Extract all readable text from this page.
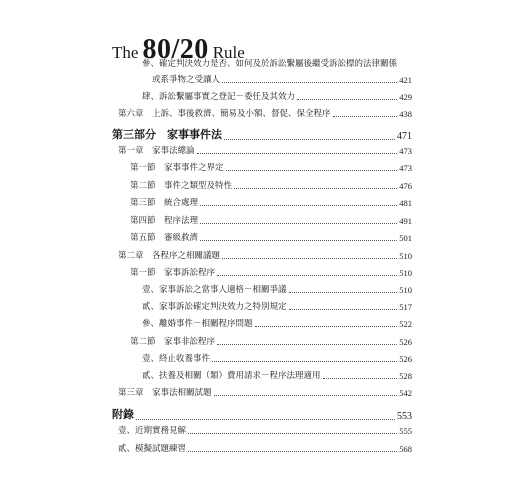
The 80/20 Rule
參、確定判決效力是否、如何及於訴訟繫屬後繼受訴訟標的法律關係
或系爭物之受讓人	421
肆、訴訟繫屬事實之登記－委任及其效力	429
第六章　上訴、事後救濟、簡易及小額、督促、保全程序	438
第三部分　家事事件法	471
第一章　家事法總論	473
第一節　家事事件之界定	473
第二節　事件之類型及特性	476
第三節　統合處理	481
第四節　程序法理	491
第五節　審級救濟	501
第二章　各程序之相關議題	510
第一節　家事訴訟程序	510
壹、家事訴訟之當事人適格－相關爭議	510
貳、家事訴訟確定判決效力之特別規定	517
參、離婚事件－相關程序問題	522
第二節　家事非訟程序	526
壹、終止收養事件	526
貳、扶養及相關（類）費用請求－程序法理適用	528
第三章　家事法相關試題	542
附錄	553
壹、近期實務見解	555
貳、模擬試題練習	568
